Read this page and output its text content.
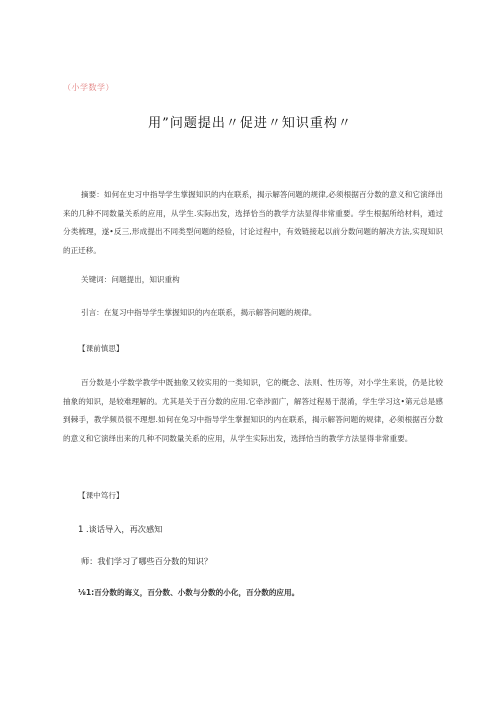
（小学数学）
用”问题提出〃促进〃知识重构〃
摘要：如何在史习中指导学生掌握知识的内在联系，揭示解答问题的规律,必须根据百分数的意义和它演绎出来的几种不同数量关系的应用，从学生.实际出发，选择恰当的教学方法显得非常重要。学生根据所给材料，通过分类梳理，遂•反三,形成提出不同类型问题的经验，讨论过程中，有效链接起以前分数问题的解决方法,实现知识的正迁移。
关键词：问题提出，知识重构
引言：在复习中指导学生掌握知识的内在联系，揭示解答问题的规律。
【课前慎思】
百分数是小学数学教学中既抽象又较实用的一类知识，它的概念、法则、性历等，对小学生来说，仍是比较抽象的知识，是较难理解的。尤其是关于百分数的应用.它牵涉面广，解答过程易于混淆，学生学习这•第元总是感到棘手，教学频员很不理想.如何在兔习中指导学生掌握知识的内在联系，揭示解答问题的规律，必须根据百分数的意义和它演绎出来的几种不同数量关系的应用，从学生实际出发，选择恰当的教学方法显得非常重要。
【课中笃行】
1 .谈话导入，再次感知
师：我们学习了哪些百分数的知识？
⅛1:百分数的诲义，百分数、小数与分数的小化，百分数的应用。
